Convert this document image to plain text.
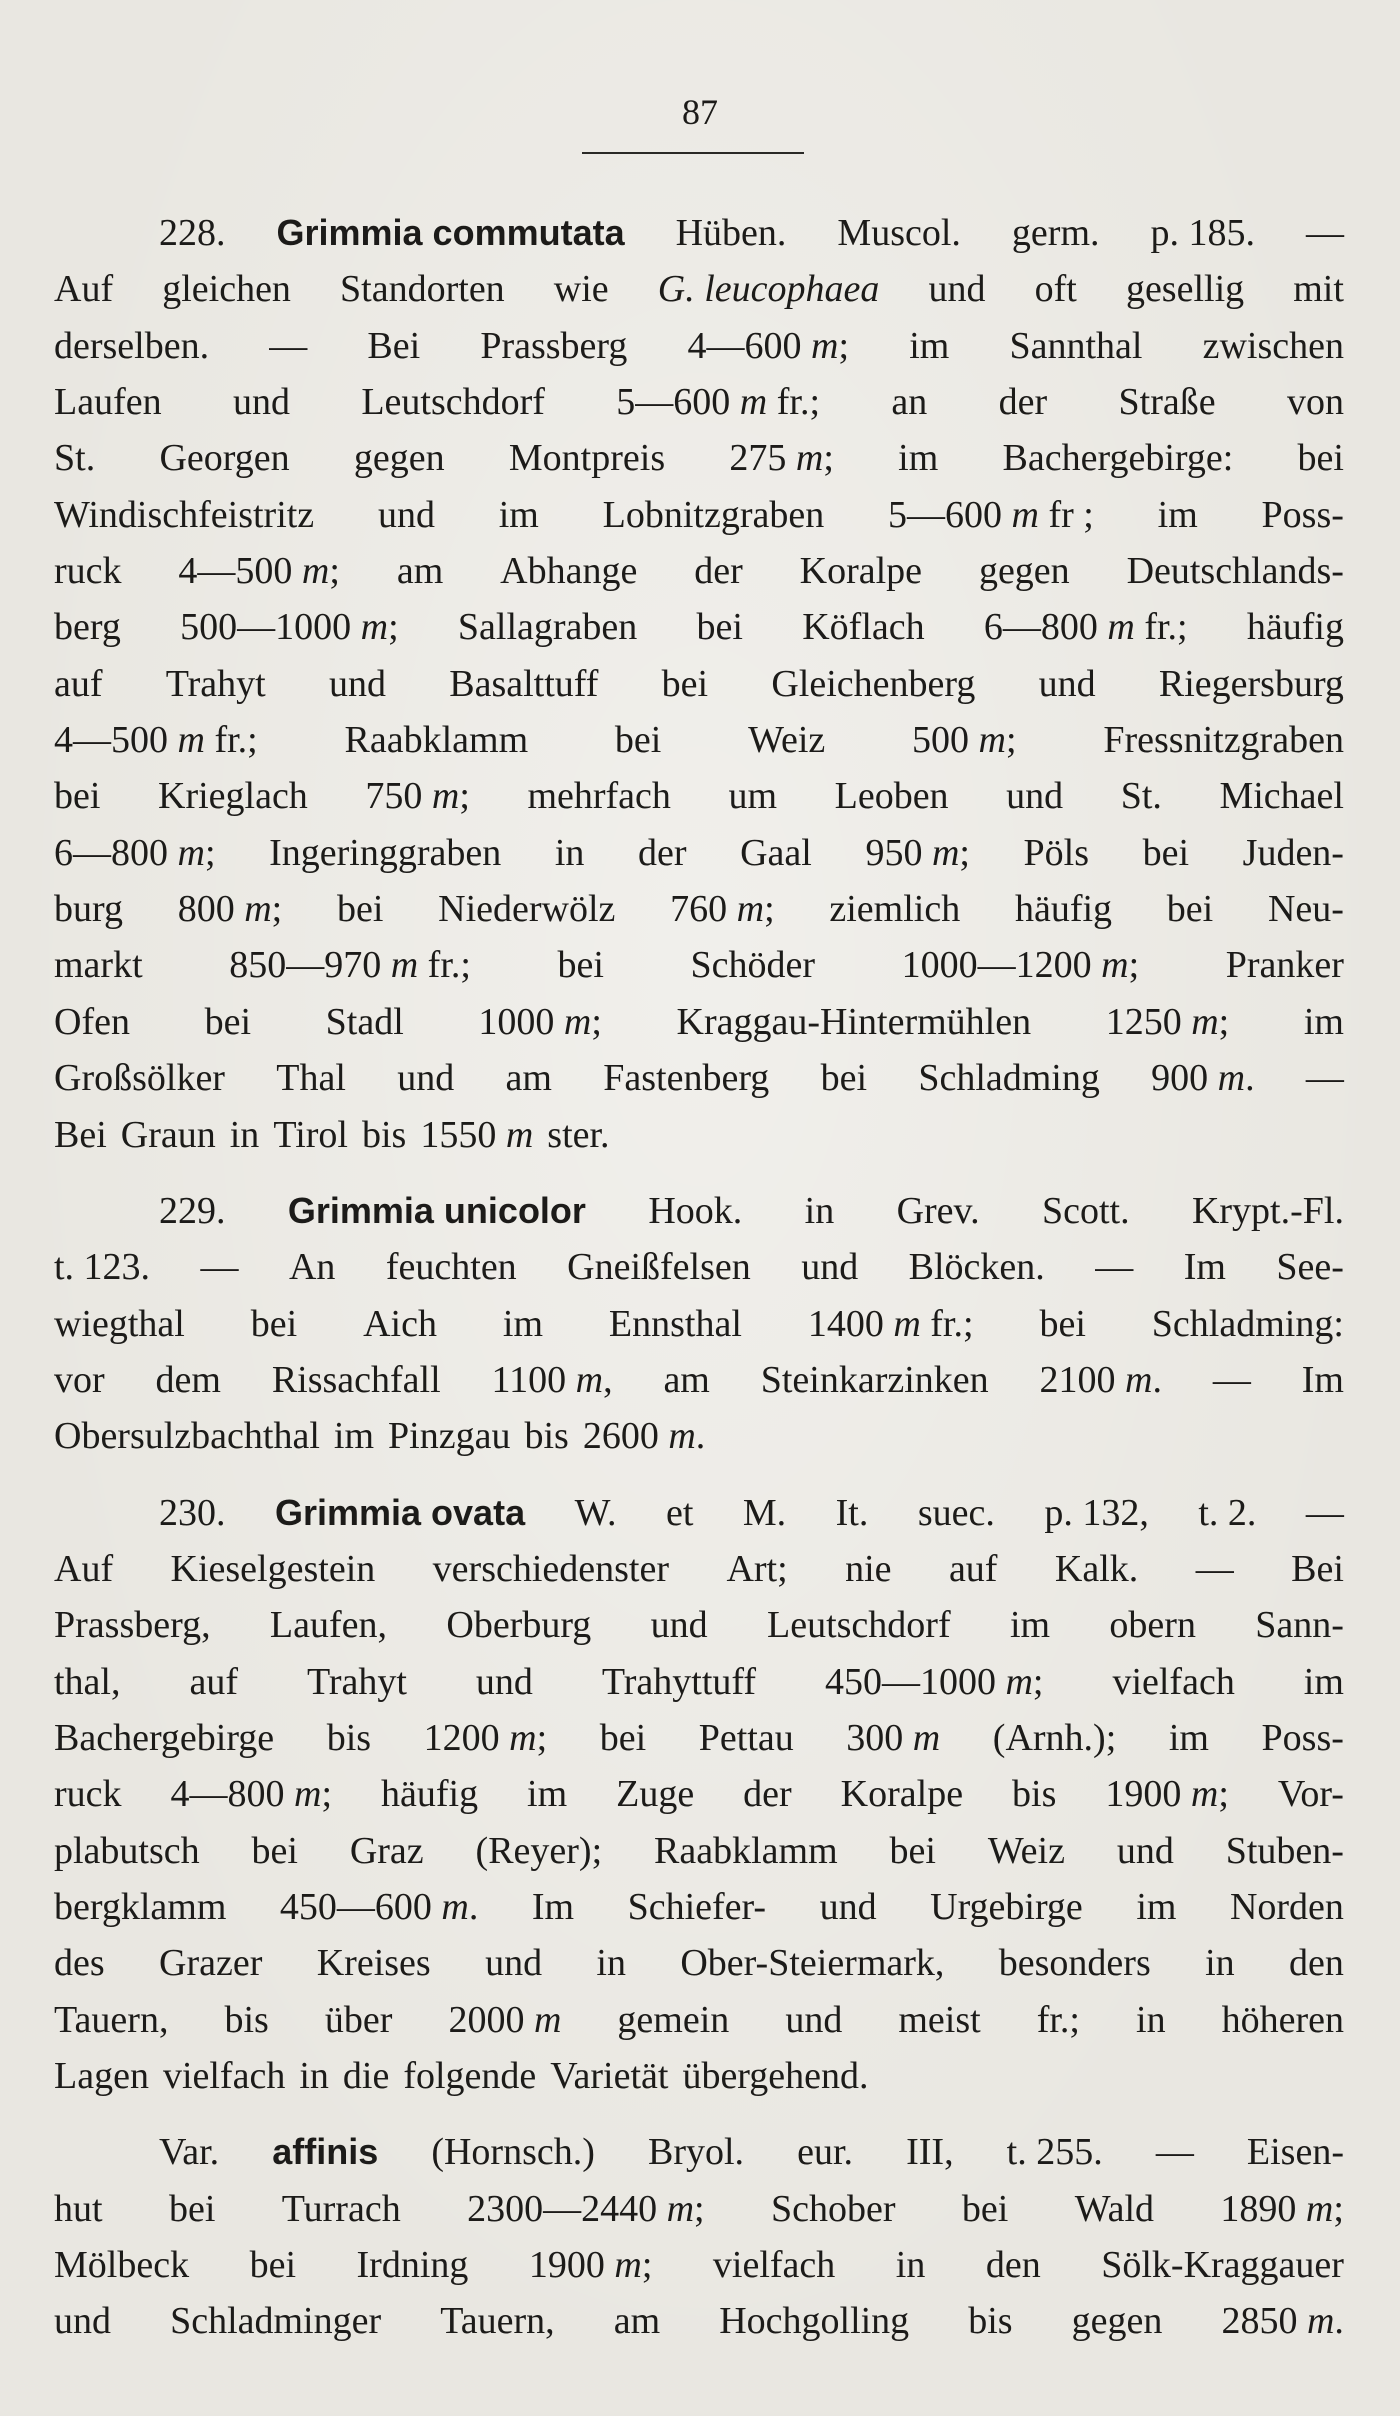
87
228. Grimmia commutata Hüben. Muscol. germ. p. 185. —
Auf gleichen Standorten wie G. leucophaea und oft gesellig mit
derselben. — Bei Prassberg 4—600 m; im Sannthal zwischen
Laufen und Leutschdorf 5—600 m fr.; an der Straße von
St. Georgen gegen Montpreis 275 m; im Bachergebirge: bei
Windischfeistritz und im Lobnitzgraben 5—600 m fr ; im Poss-
ruck 4—500 m; am Abhange der Koralpe gegen Deutschlands-
berg 500—1000 m; Sallagraben bei Köflach 6—800 m fr.; häufig
auf Trahyt und Basalttuff bei Gleichenberg und Riegersburg
4—500 m fr.; Raabklamm bei Weiz 500 m; Fressnitzgraben
bei Krieglach 750 m; mehrfach um Leoben und St. Michael
6—800 m; Ingeringgraben in der Gaal 950 m; Pöls bei Juden-
burg 800 m; bei Niederwölz 760 m; ziemlich häufig bei Neu-
markt 850—970 m fr.; bei Schöder 1000—1200 m; Pranker
Ofen bei Stadl 1000 m; Kraggau-Hintermühlen 1250 m; im
Großsölker Thal und am Fastenberg bei Schladming 900 m. —
Bei Graun in Tirol bis 1550 m ster.
229. Grimmia unicolor Hook. in Grev. Scott. Krypt.-Fl.
t. 123. — An feuchten Gneißfelsen und Blöcken. — Im See-
wiegthal bei Aich im Ennsthal 1400 m fr.; bei Schladming:
vor dem Rissachfall 1100 m, am Steinkarzinken 2100 m. — Im
Obersulzbachthal im Pinzgau bis 2600 m.
230. Grimmia ovata W. et M. It. suec. p. 132, t. 2. —
Auf Kieselgestein verschiedenster Art; nie auf Kalk. — Bei
Prassberg, Laufen, Oberburg und Leutschdorf im obern Sann-
thal, auf Trahyt und Trahyttuff 450—1000 m; vielfach im
Bachergebirge bis 1200 m; bei Pettau 300 m (Arnh.); im Poss-
ruck 4—800 m; häufig im Zuge der Koralpe bis 1900 m; Vor-
plabutsch bei Graz (Reyer); Raabklamm bei Weiz und Stuben-
bergklamm 450—600 m. Im Schiefer- und Urgebirge im Norden
des Grazer Kreises und in Ober-Steiermark, besonders in den
Tauern, bis über 2000 m gemein und meist fr.; in höheren
Lagen vielfach in die folgende Varietät übergehend.
Var. affinis (Hornsch.) Bryol. eur. III, t. 255. — Eisen-
hut bei Turrach 2300—2440 m; Schober bei Wald 1890 m;
Mölbeck bei Irdning 1900 m; vielfach in den Sölk-Kraggauer
und Schladminger Tauern, am Hochgolling bis gegen 2850 m.
